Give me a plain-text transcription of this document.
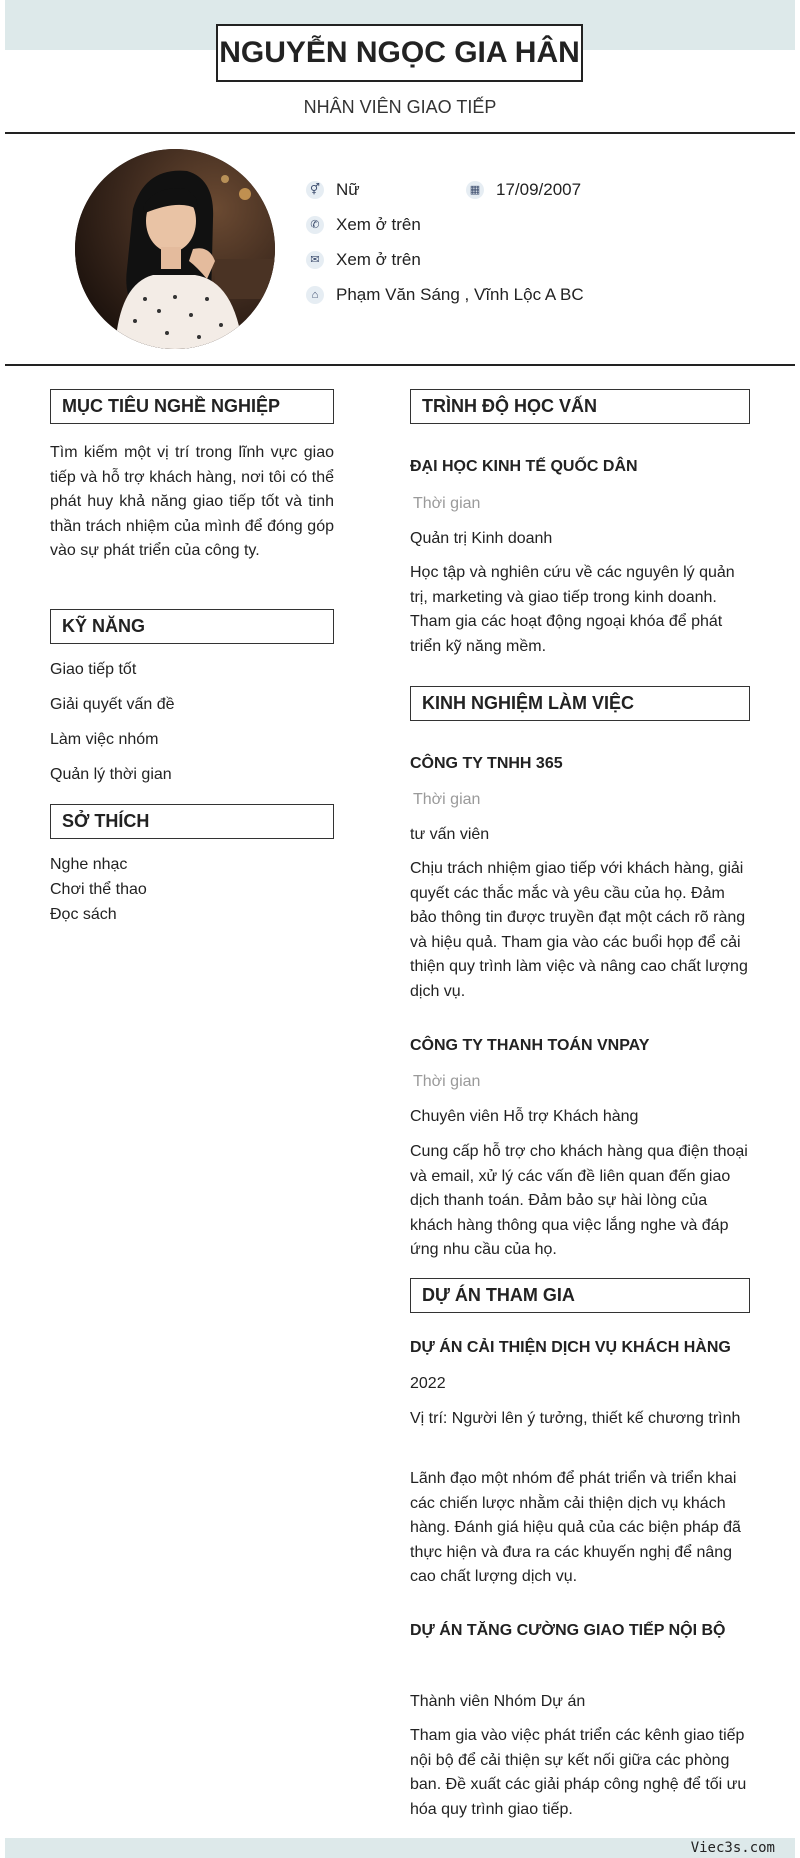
NGUYỄN NGỌC GIA HÂN
NHÂN VIÊN GIAO TIẾP
⚥ Nữ	▦ 17/09/2007
✆ Xem ở trên
✉ Xem ở trên
⌂	Phạm Văn Sáng , Vĩnh Lộc A BC
MỤC TIÊU NGHỀ NGHIỆP
Tìm kiếm một vị trí trong lĩnh vực giao tiếp và hỗ trợ khách hàng, nơi tôi có thể phát huy khả năng giao tiếp tốt và tinh thần trách nhiệm của mình để đóng góp vào sự phát triển của công ty.
KỸ NĂNG
Giao tiếp tốt
Giải quyết vấn đề
Làm việc nhóm
Quản lý thời gian
SỞ THÍCH
Nghe nhạc
Chơi thể thao
Đọc sách
TRÌNH ĐỘ HỌC VẤN
ĐẠI HỌC KINH TẾ QUỐC DÂN
Thời gian
Quản trị Kinh doanh
Học tập và nghiên cứu về các nguyên lý quản trị, marketing và giao tiếp trong kinh doanh. Tham gia các hoạt động ngoại khóa để phát triển kỹ năng mềm.
KINH NGHIỆM LÀM VIỆC
CÔNG TY TNHH 365
Thời gian
tư vấn viên
Chịu trách nhiệm giao tiếp với khách hàng, giải quyết các thắc mắc và yêu cầu của họ. Đảm bảo thông tin được truyền đạt một cách rõ ràng và hiệu quả. Tham gia vào các buổi họp để cải thiện quy trình làm việc và nâng cao chất lượng dịch vụ.
CÔNG TY THANH TOÁN VNPAY
Thời gian
Chuyên viên Hỗ trợ Khách hàng
Cung cấp hỗ trợ cho khách hàng qua điện thoại và email, xử lý các vấn đề liên quan đến giao dịch thanh toán. Đảm bảo sự hài lòng của khách hàng thông qua việc lắng nghe và đáp ứng nhu cầu của họ.
DỰ ÁN THAM GIA
DỰ ÁN CẢI THIỆN DỊCH VỤ KHÁCH HÀNG
2022
Vị trí: Người lên ý tưởng, thiết kế chương trình
Lãnh đạo một nhóm để phát triển và triển khai các chiến lược nhằm cải thiện dịch vụ khách hàng. Đánh giá hiệu quả của các biện pháp đã thực hiện và đưa ra các khuyến nghị để nâng cao chất lượng dịch vụ.
DỰ ÁN TĂNG CƯỜNG GIAO TIẾP NỘI BỘ
Thành viên Nhóm Dự án
Tham gia vào việc phát triển các kênh giao tiếp nội bộ để cải thiện sự kết nối giữa các phòng ban. Đề xuất các giải pháp công nghệ để tối ưu hóa quy trình giao tiếp.
Viec3s.com
